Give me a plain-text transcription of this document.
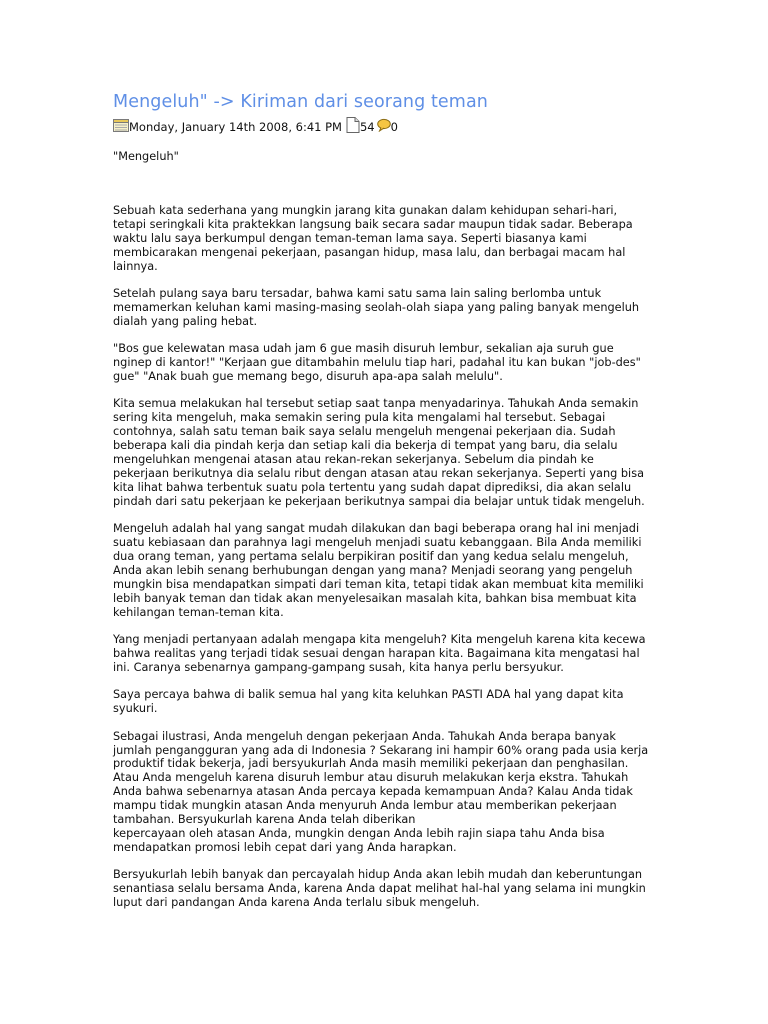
Mengeluh" -> Kiriman dari seorang teman
Monday, January 14th 2008, 6:41 PM 54 0

"Mengeluh"

Sebuah kata sederhana yang mungkin jarang kita gunakan dalam kehidupan sehari-hari,
tetapi seringkali kita praktekkan langsung baik secara sadar maupun tidak sadar. Beberapa
waktu lalu saya berkumpul dengan teman-teman lama saya. Seperti biasanya kami
membicarakan mengenai pekerjaan, pasangan hidup, masa lalu, dan berbagai macam hal
lainnya.

Setelah pulang saya baru tersadar, bahwa kami satu sama lain saling berlomba untuk
memamerkan keluhan kami masing-masing seolah-olah siapa yang paling banyak mengeluh
dialah yang paling hebat.

"Bos gue kelewatan masa udah jam 6 gue masih disuruh lembur, sekalian aja suruh gue
nginep di kantor!" "Kerjaan gue ditambahin melulu tiap hari, padahal itu kan bukan "job-des"
gue" "Anak buah gue memang bego, disuruh apa-apa salah melulu".

Kita semua melakukan hal tersebut setiap saat tanpa menyadarinya. Tahukah Anda semakin
sering kita mengeluh, maka semakin sering pula kita mengalami hal tersebut. Sebagai
contohnya, salah satu teman baik saya selalu mengeluh mengenai pekerjaan dia. Sudah
beberapa kali dia pindah kerja dan setiap kali dia bekerja di tempat yang baru, dia selalu
mengeluhkan mengenai atasan atau rekan-rekan sekerjanya. Sebelum dia pindah ke
pekerjaan berikutnya dia selalu ribut dengan atasan atau rekan sekerjanya. Seperti yang bisa
kita lihat bahwa terbentuk suatu pola tertentu yang sudah dapat diprediksi, dia akan selalu
pindah dari satu pekerjaan ke pekerjaan berikutnya sampai dia belajar untuk tidak mengeluh.

Mengeluh adalah hal yang sangat mudah dilakukan dan bagi beberapa orang hal ini menjadi
suatu kebiasaan dan parahnya lagi mengeluh menjadi suatu kebanggaan. Bila Anda memiliki
dua orang teman, yang pertama selalu berpikiran positif dan yang kedua selalu mengeluh,
Anda akan lebih senang berhubungan dengan yang mana? Menjadi seorang yang pengeluh
mungkin bisa mendapatkan simpati dari teman kita, tetapi tidak akan membuat kita memiliki
lebih banyak teman dan tidak akan menyelesaikan masalah kita, bahkan bisa membuat kita
kehilangan teman-teman kita.

Yang menjadi pertanyaan adalah mengapa kita mengeluh? Kita mengeluh karena kita kecewa
bahwa realitas yang terjadi tidak sesuai dengan harapan kita. Bagaimana kita mengatasi hal
ini. Caranya sebenarnya gampang-gampang susah, kita hanya perlu bersyukur.

Saya percaya bahwa di balik semua hal yang kita keluhkan PASTI ADA hal yang dapat kita
syukuri.

Sebagai ilustrasi, Anda mengeluh dengan pekerjaan Anda. Tahukah Anda berapa banyak
jumlah pengangguran yang ada di Indonesia ? Sekarang ini hampir 60% orang pada usia kerja
produktif tidak bekerja, jadi bersyukurlah Anda masih memiliki pekerjaan dan penghasilan.
Atau Anda mengeluh karena disuruh lembur atau disuruh melakukan kerja ekstra. Tahukah
Anda bahwa sebenarnya atasan Anda percaya kepada kemampuan Anda? Kalau Anda tidak
mampu tidak mungkin atasan Anda menyuruh Anda lembur atau memberikan pekerjaan
tambahan. Bersyukurlah karena Anda telah diberikan
kepercayaan oleh atasan Anda, mungkin dengan Anda lebih rajin siapa tahu Anda bisa
mendapatkan promosi lebih cepat dari yang Anda harapkan.

Bersyukurlah lebih banyak dan percayalah hidup Anda akan lebih mudah dan keberuntungan
senantiasa selalu bersama Anda, karena Anda dapat melihat hal-hal yang selama ini mungkin
luput dari pandangan Anda karena Anda terlalu sibuk mengeluh.
